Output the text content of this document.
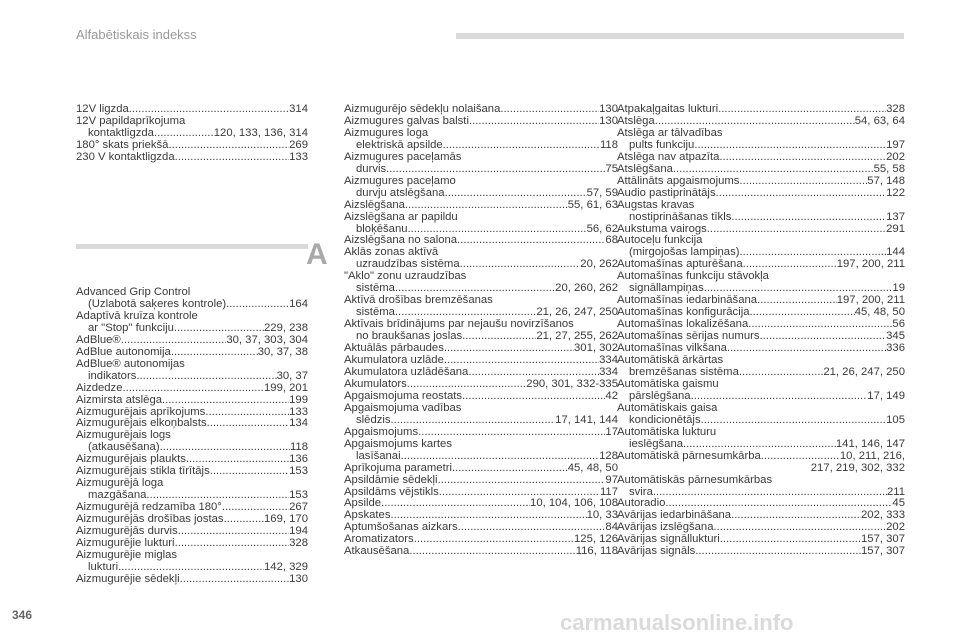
Alfabētiskais indekss
12V ligzda .....	314
12V papildaprīkojuma
kontaktligzda .....	120, 133, 136, 314
180° skats priekšā .....	269
230 V kontaktligzda .....	133
A
Advanced Grip Control
(Uzlabotā saķeres kontrole) .....	164
Adaptīvā kruīza kontrole
ar "Stop" funkciju .....	229, 238
AdBlue® .....	30, 37, 303, 304
AdBlue autonomija .....	30, 37, 38
AdBlue® autonomijas
indikators .....	30, 37
Aizdedze .....	199, 201
Aizmirsta atslēga .....	199
Aizmugurējais aprīkojums .....	133
Aizmugurējais elkoņbalsts .....	134
Aizmugurējais logs
(atkausēšana) .....	118
Aizmugurējais plaukts .....	136
Aizmugurējais stikla tīrītājs .....	153
Aizmugurējā loga
mazgāšana .....	153
Aizmugurējā redzamība 180° .....	267
Aizmugurējās drošības jostas .....	169, 170
Aizmugurējās durvis .....	194
Aizmugurējie lukturi .....	328
Aizmugurējie miglas
lukturi .....	142, 329
Aizmugurējie sēdekļi .....	130
Aizmugurējo sēdekļu nolaišana .....	130
Aizmugures galvas balsti .....	130
Aizmugures loga
elektriskā apsilde .....	118
Aizmugures paceļamās
durvis .....	75
Aizmugures paceļamo
durvju atslēgšana .....	57, 59
Aizslēgšana .....	55, 61, 63
Aizslēgšana ar papildu
bloķēšanu .....	56, 62
Aizslēgšana no salona .....	68
Aklās zonas aktīvā
uzraudzības sistēma .....	20, 262
"Aklo" zonu uzraudzības
sistēma .....	20, 260, 262
Aktīvā drošības bremzēšanas
sistēma .....	21, 26, 247, 250
Aktīvais brīdinājums par nejaušu novirzīšanos
no braukšanas joslas .....	21, 27, 255, 262
Aktuālās pārbaudes .....	301, 302
Akumulatora uzlāde .....	334
Akumulatora uzlādēšana .....	334
Akumulators .....	290, 301, 332-335
Apgaismojuma reostats .....	42
Apgaismojuma vadības
slēdzis .....	17, 141, 144
Apgaismojums .....	17
Apgaismojums kartes
lasīšanai .....	128
Aprīkojuma parametri .....	45, 48, 50
Apsildāmie sēdekļi .....	97
Apsildāms vējstikls .....	117
Apsilde .....	10, 104, 106, 108
Apskates .....	10, 33
Aptumšošanas aizkars .....	84
Aromatizators .....	125, 126
Atkausēšana .....	116, 118
Atpakaļgaitas lukturi .....	328
Atslēga .....	54, 63, 64
Atslēga ar tālvadības
pults funkciju .....	197
Atslēga nav atpazīta .....	202
Atslēgšana .....	55, 58
Attālināts apgaismojums .....	57, 148
Audio pastiprinātājs .....	122
Augstas kravas
nostiprināšanas tīkls .....	137
Aukstuma vairogs .....	291
Autoceļu funkcija
(mirgojošas lampiņas) .....	144
Automašīnas apturēšana .....	197, 200, 211
Automašīnas funkciju stāvokļa
signāllampiņas .....	19
Automašīnas iedarbināšana .....	197, 200, 211
Automašīnas konfigurācija .....	45, 48, 50
Automašīnas lokalizēšana .....	56
Automašīnas sērijas numurs .....	345
Automašīnas vilkšana .....	336
Automātiskā ārkārtas
bremzēšanas sistēma .....	21, 26, 247, 250
Automātiska gaismu
pārslēgšana .....	17, 149
Automātiskais gaisa
kondicionētājs .....	105
Automātiska lukturu
ieslēgšana .....	141, 146, 147
Automātiskā pārnesumkārba .....	10, 211, 216,
217, 219, 302, 332
Automātiskās pārnesumkārbas
svira .....	211
Autoradio .....	45
Avārijas iedarbināšana .....	202, 333
Avārijas izslēgšana .....	202
Avārijas signāllukturi .....	157, 307
Avārijas signāls .....	157, 307
346	carmanualsonline.info
